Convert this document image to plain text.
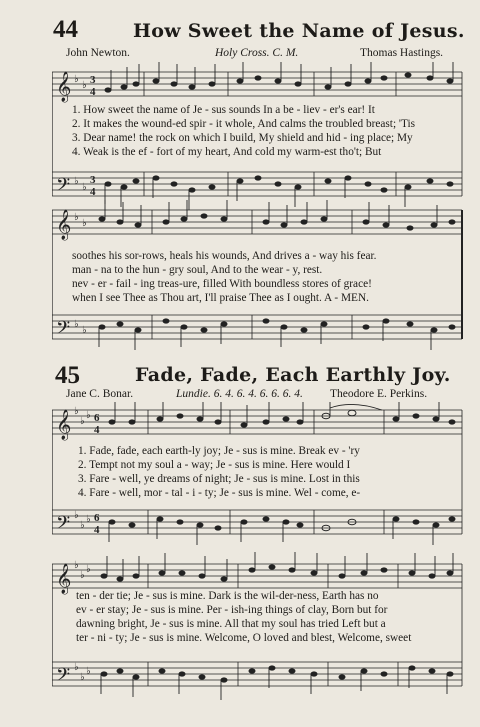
44	How Sweet the Name of Jesus.
John Newton.	Holy Cross. C. M.	Thomas Hastings.
𝄞
𝄢
♭
♭
♭
♭
3
4
3
4
1. How sweet the name of Je - sus sounds In a be - liev - er's ear! It
2. It makes the wound-ed spir - it whole, And calms the troubled breast; 'Tis
3. Dear name! the rock on which I build, My shield and hid - ing place; My
4. Weak is the ef - fort of my heart, And cold my warm-est tho't; But
𝄞
𝄢
♭
♭
♭
♭
soothes his sor-rows, heals his wounds, And drives a - way his fear.
man - na to the hun - gry soul, And to the wear - y, rest.
nev - er - fail - ing treas-ure, filled With boundless stores of grace!
when I see Thee as Thou art, I'll praise Thee as I ought. A - MEN.
45	Fade, Fade, Each Earthly Joy.
Jane C. Bonar.	Lundie. 6. 4. 6. 4. 6. 6. 6. 4. Theodore E. Perkins.
𝄞
𝄢
♭
♭
♭
♭
♭
♭
6
4
6
4
1. Fade, fade, each earth-ly joy; Je - sus is mine. Break ev - 'ry
2. Tempt not my soul a - way; Je - sus is mine. Here would I
3. Fare - well, ye dreams of night; Je - sus is mine. Lost in this
4. Fare - well, mor - tal - i - ty; Je - sus is mine. Wel - come, e-
𝄞
𝄢
♭
♭
♭
♭
♭
♭
ten - der tie; Je - sus is mine. Dark is the wil-der-ness, Earth has no
ev - er stay; Je - sus is mine. Per - ish-ing things of clay, Born but for
dawning bright, Je - sus is mine. All that my soul has tried Left but a
ter - ni - ty; Je - sus is mine. Welcome, O loved and blest, Welcome, sweet
